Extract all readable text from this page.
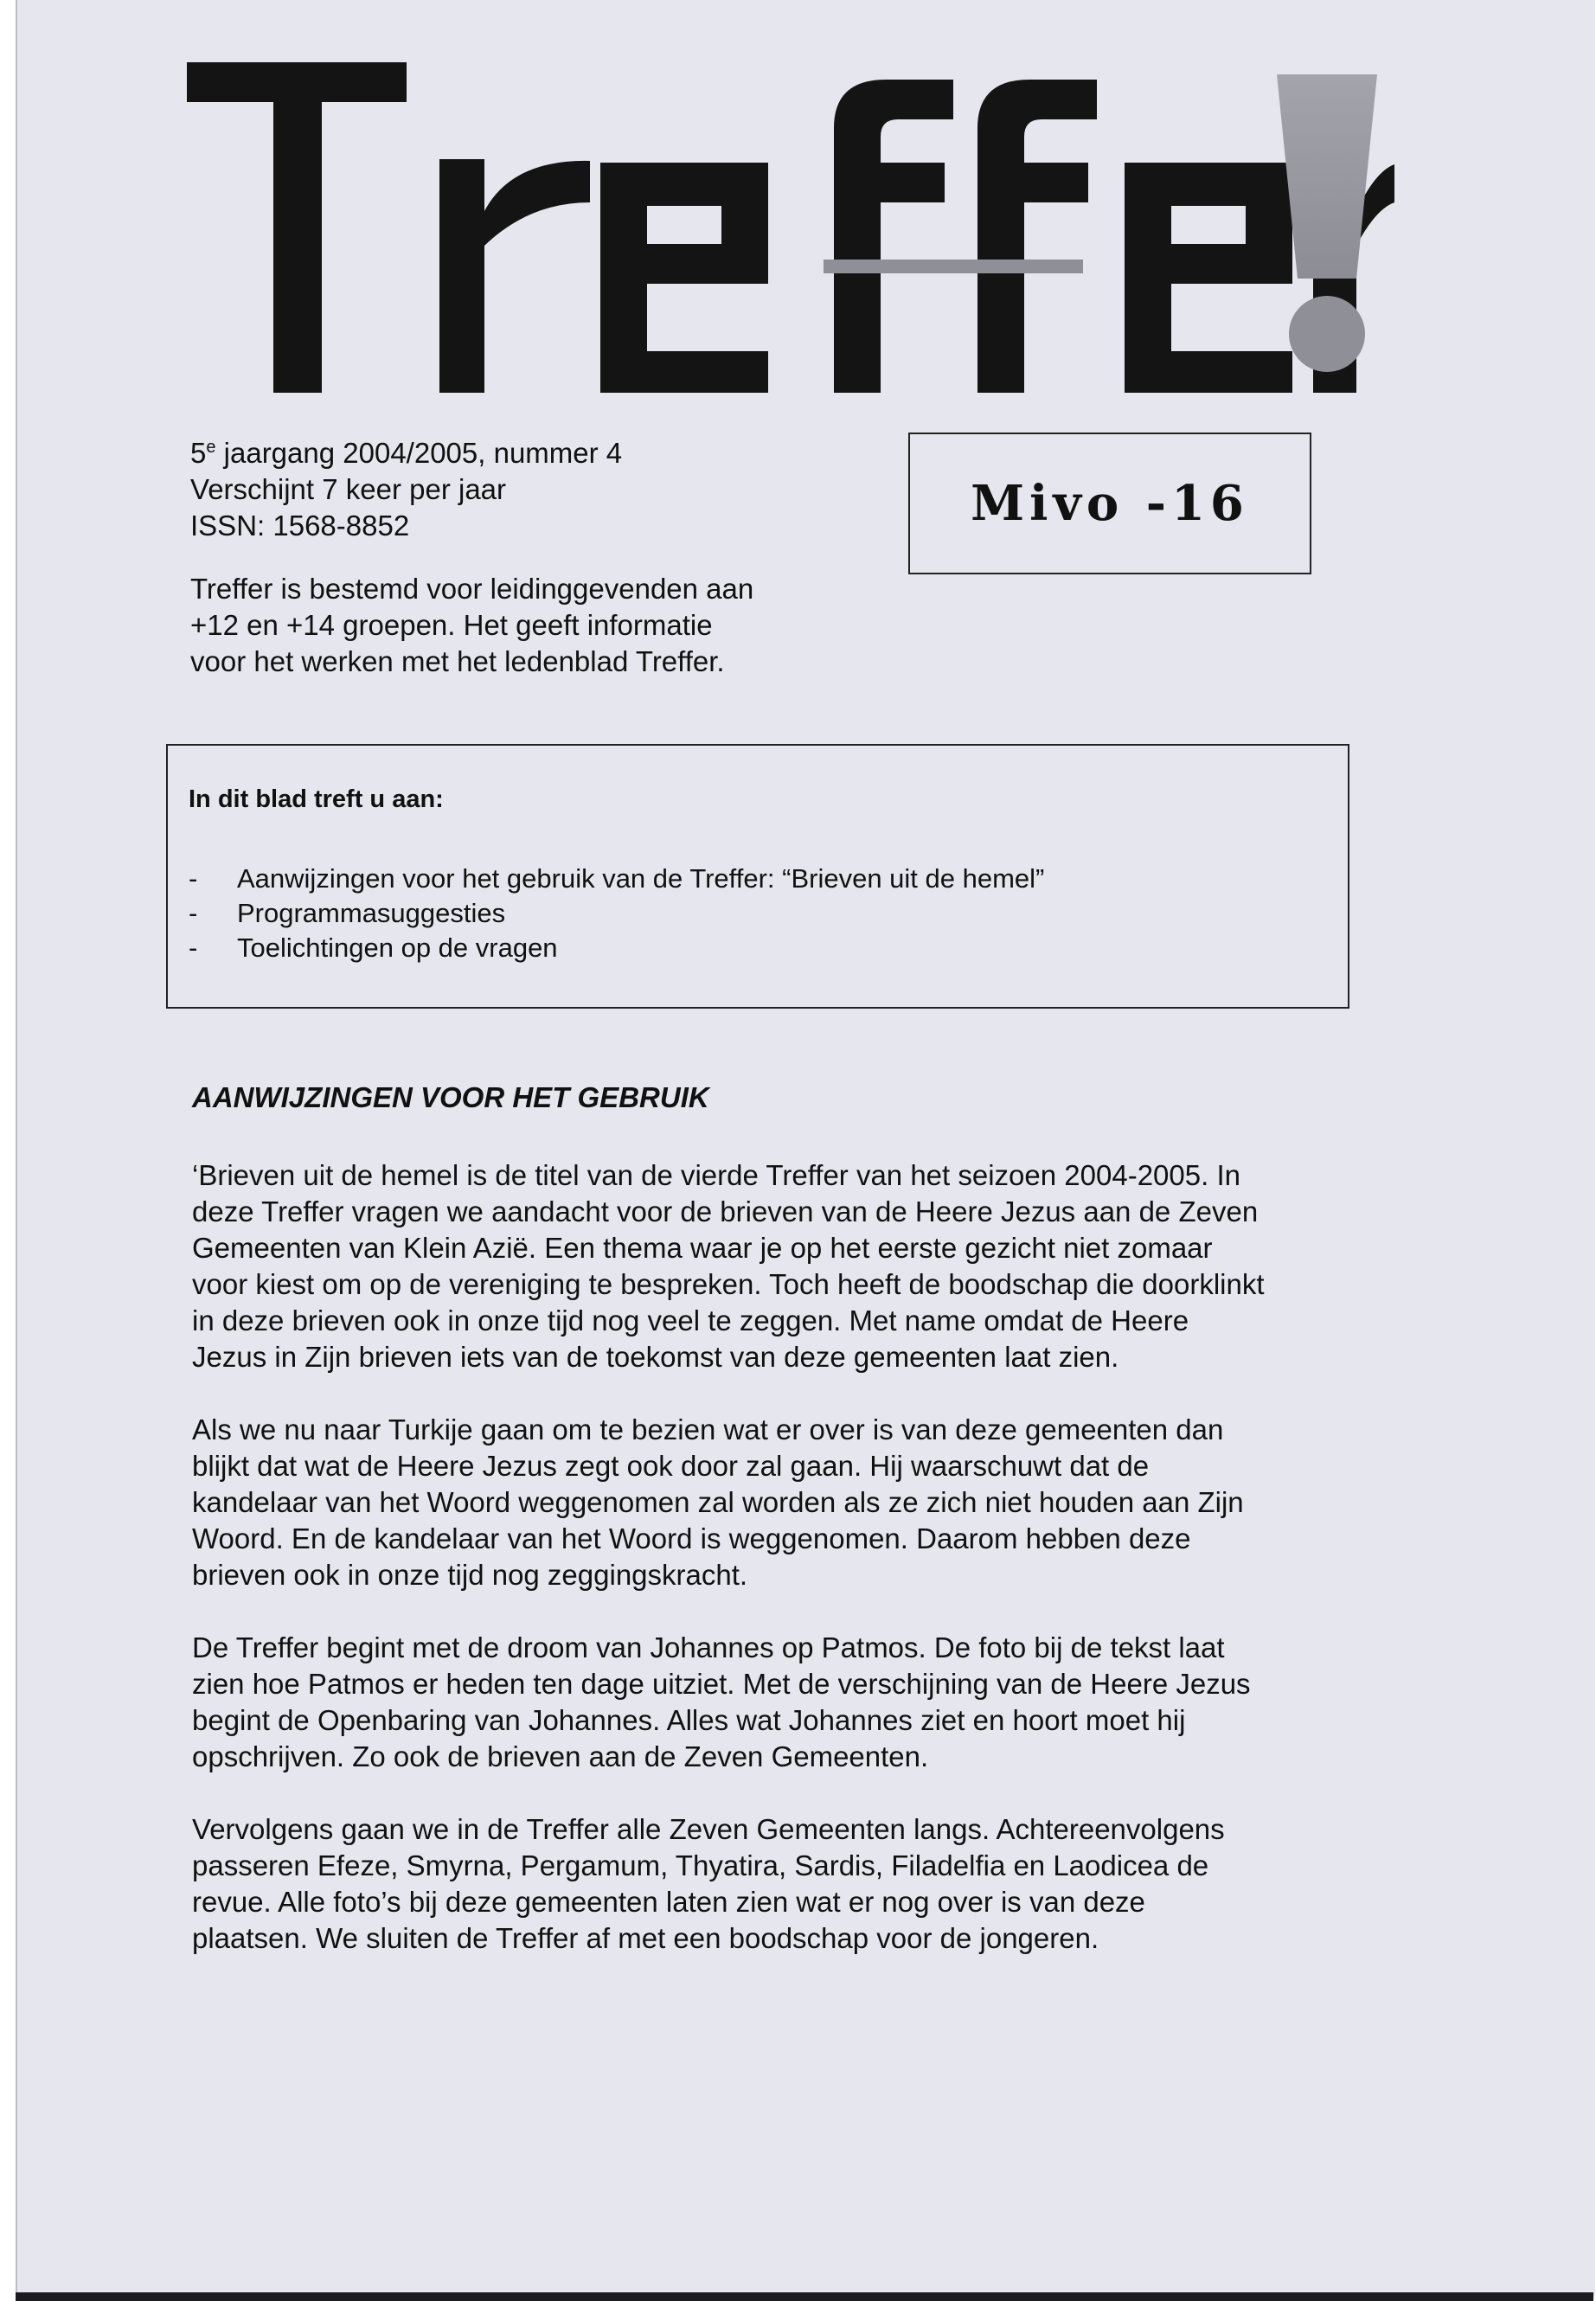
5e jaargang 2004/2005, nummer 4
Verschijnt 7 keer per jaar
ISSN: 1568-8852	Mivo -16
Treffer is bestemd voor leidinggevenden aan
+12 en +14 groepen. Het geeft informatie
voor het werken met het ledenblad Treffer.
In dit blad treft u aan:
- Aanwijzingen voor het gebruik van de Treffer: “Brieven uit de hemel”
- Programmasuggesties
- Toelichtingen op de vragen
AANWIJZINGEN VOOR HET GEBRUIK

‘Brieven uit de hemel is de titel van de vierde Treffer van het seizoen 2004-2005. In
deze Treffer vragen we aandacht voor de brieven van de Heere Jezus aan de Zeven
Gemeenten van Klein Azië. Een thema waar je op het eerste gezicht niet zomaar
voor kiest om op de vereniging te bespreken. Toch heeft de boodschap die doorklinkt
in deze brieven ook in onze tijd nog veel te zeggen. Met name omdat de Heere
Jezus in Zijn brieven iets van de toekomst van deze gemeenten laat zien.

Als we nu naar Turkije gaan om te bezien wat er over is van deze gemeenten dan
blijkt dat wat de Heere Jezus zegt ook door zal gaan. Hij waarschuwt dat de
kandelaar van het Woord weggenomen zal worden als ze zich niet houden aan Zijn
Woord. En de kandelaar van het Woord is weggenomen. Daarom hebben deze
brieven ook in onze tijd nog zeggingskracht.

De Treffer begint met de droom van Johannes op Patmos. De foto bij de tekst laat
zien hoe Patmos er heden ten dage uitziet. Met de verschijning van de Heere Jezus
begint de Openbaring van Johannes. Alles wat Johannes ziet en hoort moet hij
opschrijven. Zo ook de brieven aan de Zeven Gemeenten.

Vervolgens gaan we in de Treffer alle Zeven Gemeenten langs. Achtereenvolgens
passeren Efeze, Smyrna, Pergamum, Thyatira, Sardis, Filadelfia en Laodicea de
revue. Alle foto’s bij deze gemeenten laten zien wat er nog over is van deze
plaatsen. We sluiten de Treffer af met een boodschap voor de jongeren.
